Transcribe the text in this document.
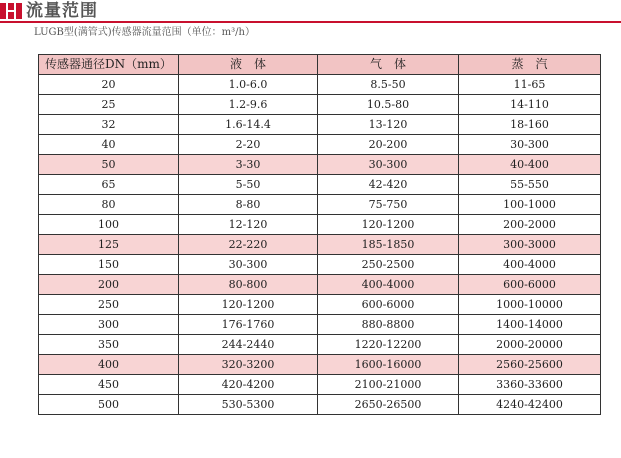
流量范围
LUGB型(满管式)传感器流量范围（单位：m³/h）
传感器通径DN（mm）	液　体	气　体	蒸　汽
20	1.0-6.0	8.5-50	11-65
25	1.2-9.6	10.5-80	14-110
32	1.6-14.4	13-120	18-160
40	2-20	20-200	30-300
50	3-30	30-300	40-400
65	5-50	42-420	55-550
80	8-80	75-750	100-1000
100	12-120	120-1200	200-2000
125	22-220	185-1850	300-3000
150	30-300	250-2500	400-4000
200	80-800	400-4000	600-6000
250	120-1200	600-6000	1000-10000
300	176-1760	880-8800	1400-14000
350	244-2440	1220-12200	2000-20000
400	320-3200	1600-16000	2560-25600
450	420-4200	2100-21000	3360-33600
500	530-5300	2650-26500	4240-42400
